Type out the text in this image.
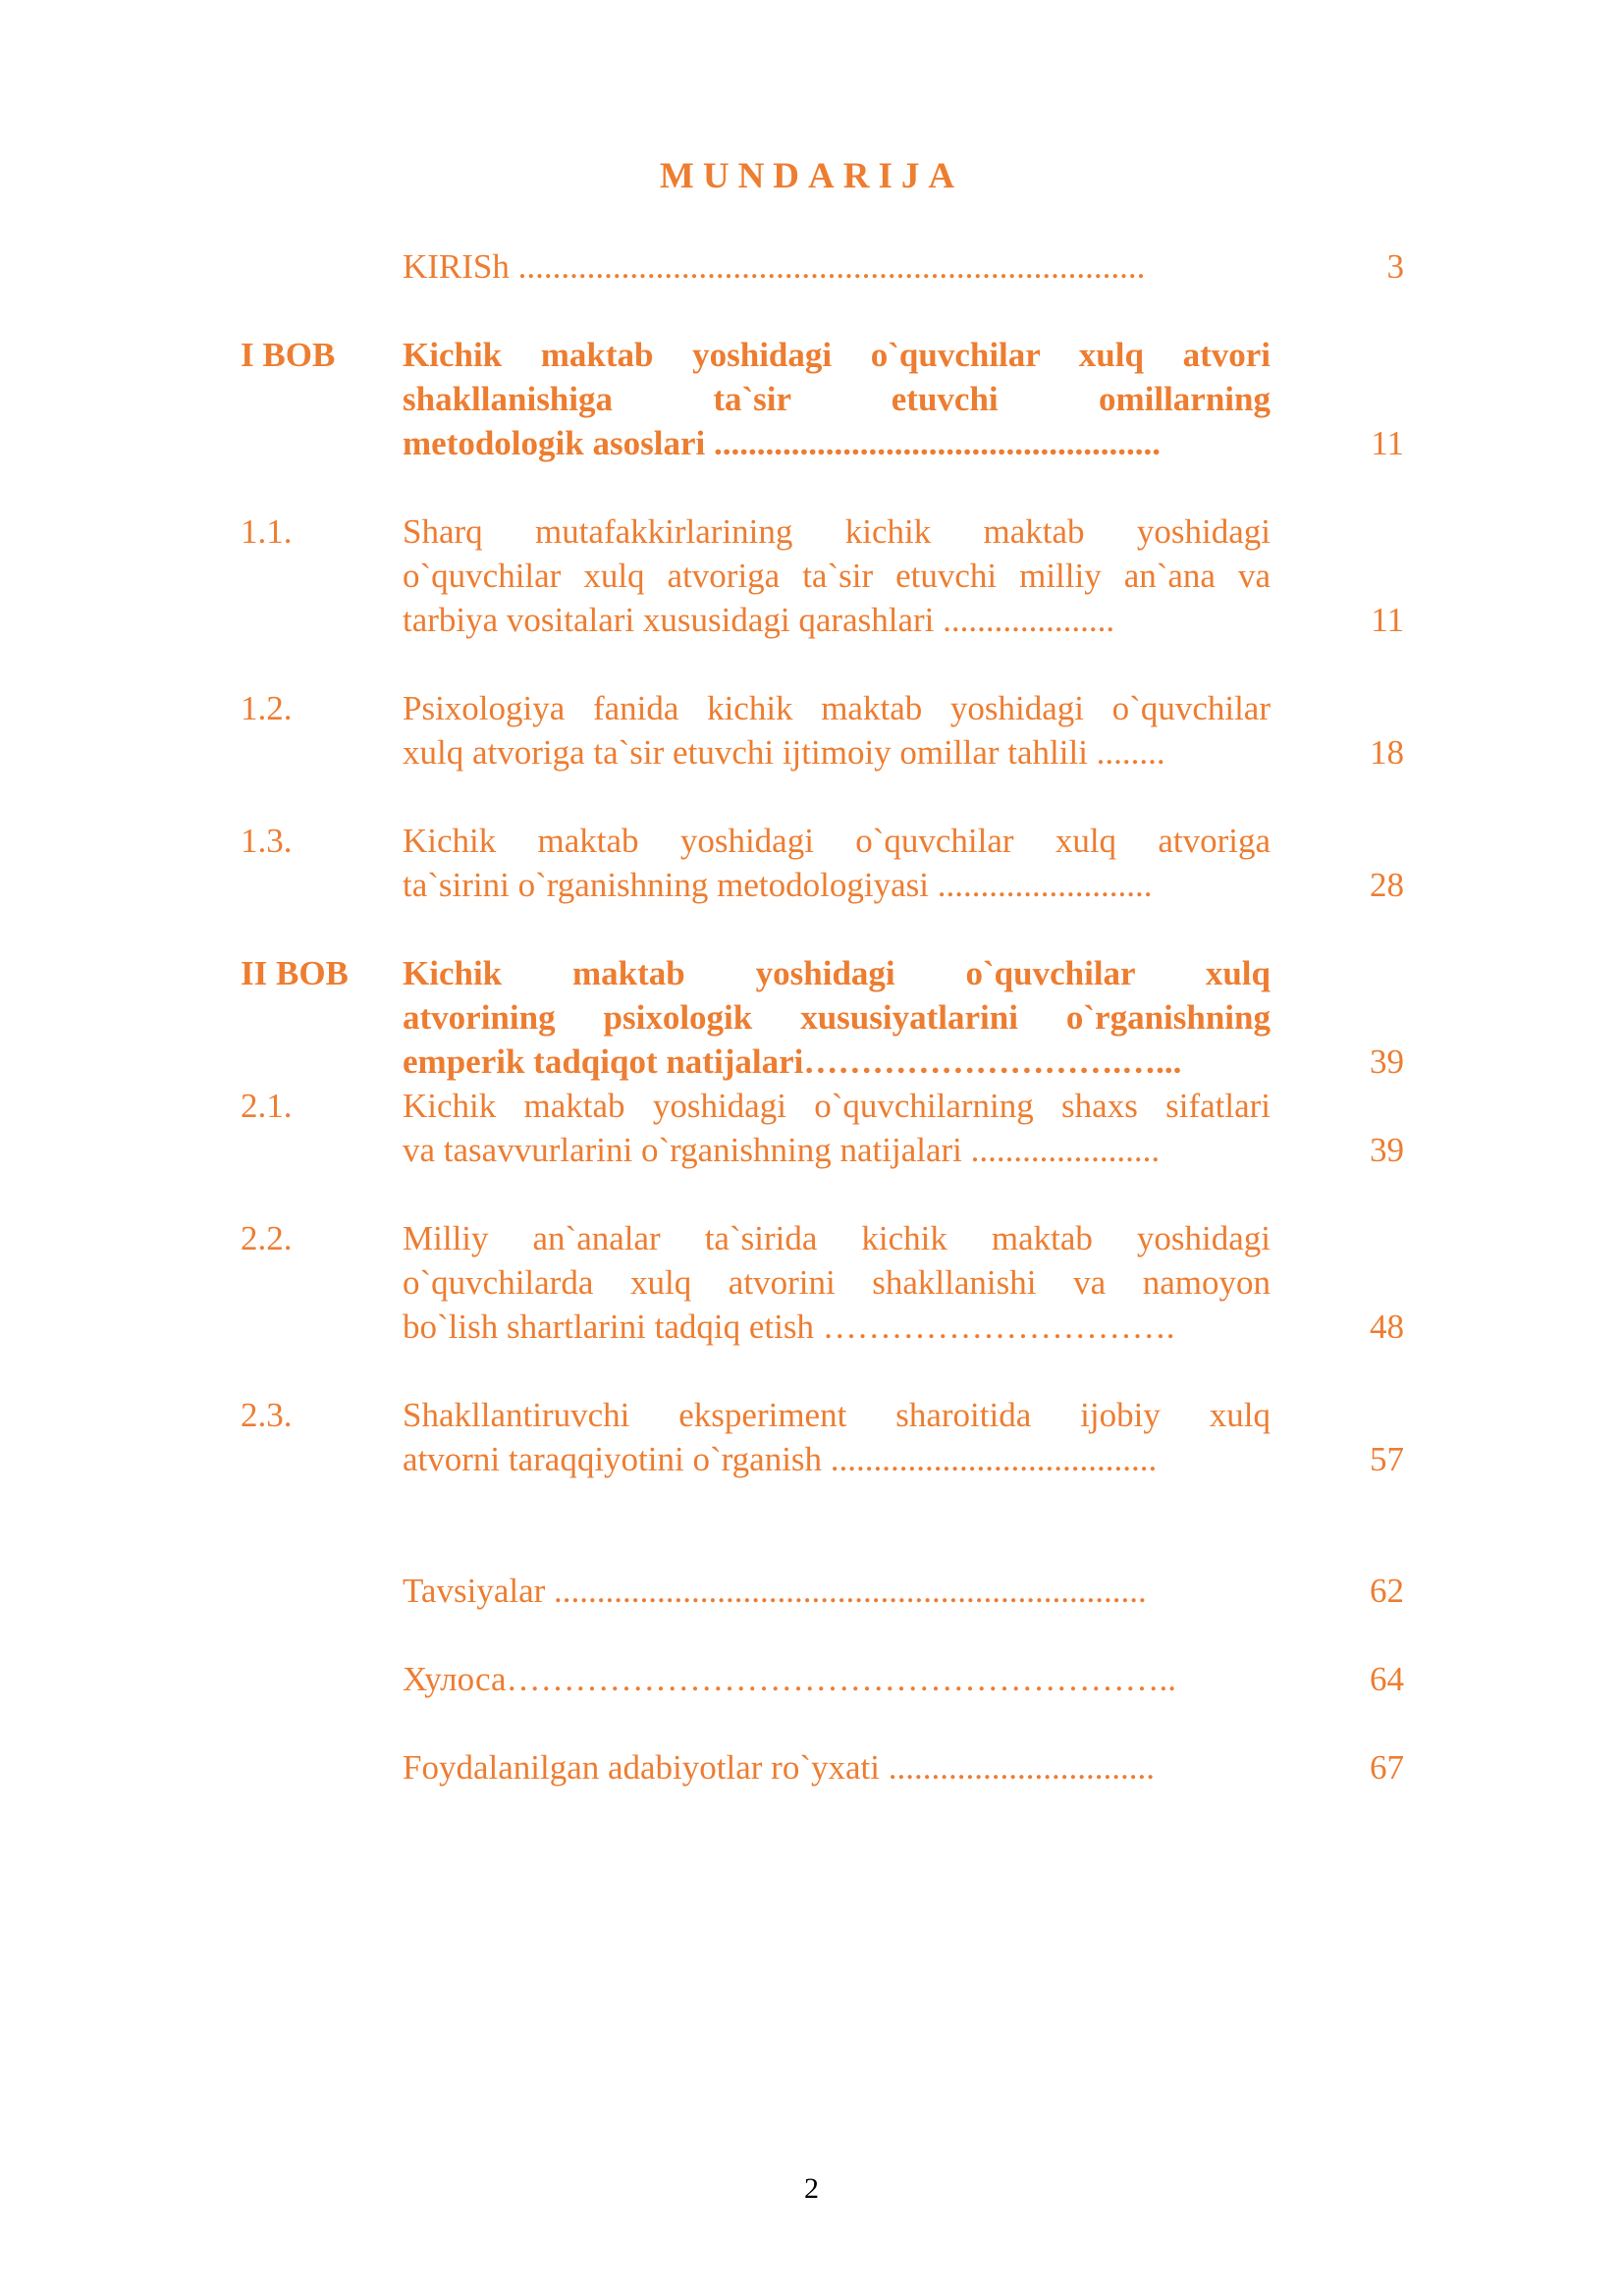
MUNDARIJA
KIRISh .........................................................................	3
I BOB Kichik maktab yoshidagi o`quvchilar xulq atvori
shakllanishiga ta`sir etuvchi omillarning
metodologik asoslari ....................................................	11
1.1.	Sharq mutafakkirlarining kichik maktab yoshidagi
o`quvchilar xulq atvoriga ta`sir etuvchi milliy an`ana va
tarbiya vositalari xususidagi qarashlari ....................	11
1.2.	Psixologiya fanida kichik maktab yoshidagi o`quvchilar
xulq atvoriga ta`sir etuvchi ijtimoiy omillar tahlili ........	18
1.3.	Kichik maktab yoshidagi o`quvchilar xulq atvoriga
ta`sirini o`rganishning metodologiyasi .........................	28
II BOB Kichik maktab yoshidagi o`quvchilar xulq
atvorining psixologik xususiyatlarini o`rganishning
emperik tadqiqot natijalari……………………….…...	39
2.1.	Kichik maktab yoshidagi o`quvchilarning shaxs sifatlari
va tasavvurlarini o`rganishning natijalari ......................	39
2.2.	Milliy an`analar ta`sirida kichik maktab yoshidagi
o`quvchilarda xulq atvorini shakllanishi va namoyon
bo`lish shartlarini tadqiq etish ………………………….	48
2.3.	Shakllantiruvchi eksperiment sharoitida ijobiy xulq
atvorni taraqqiyotini o`rganish ......................................	57
Tavsiyalar .....................................................................	62
Хулоса…………………………………………………..	64
Foydalanilgan adabiyotlar ro`yxati ...............................	67
2
